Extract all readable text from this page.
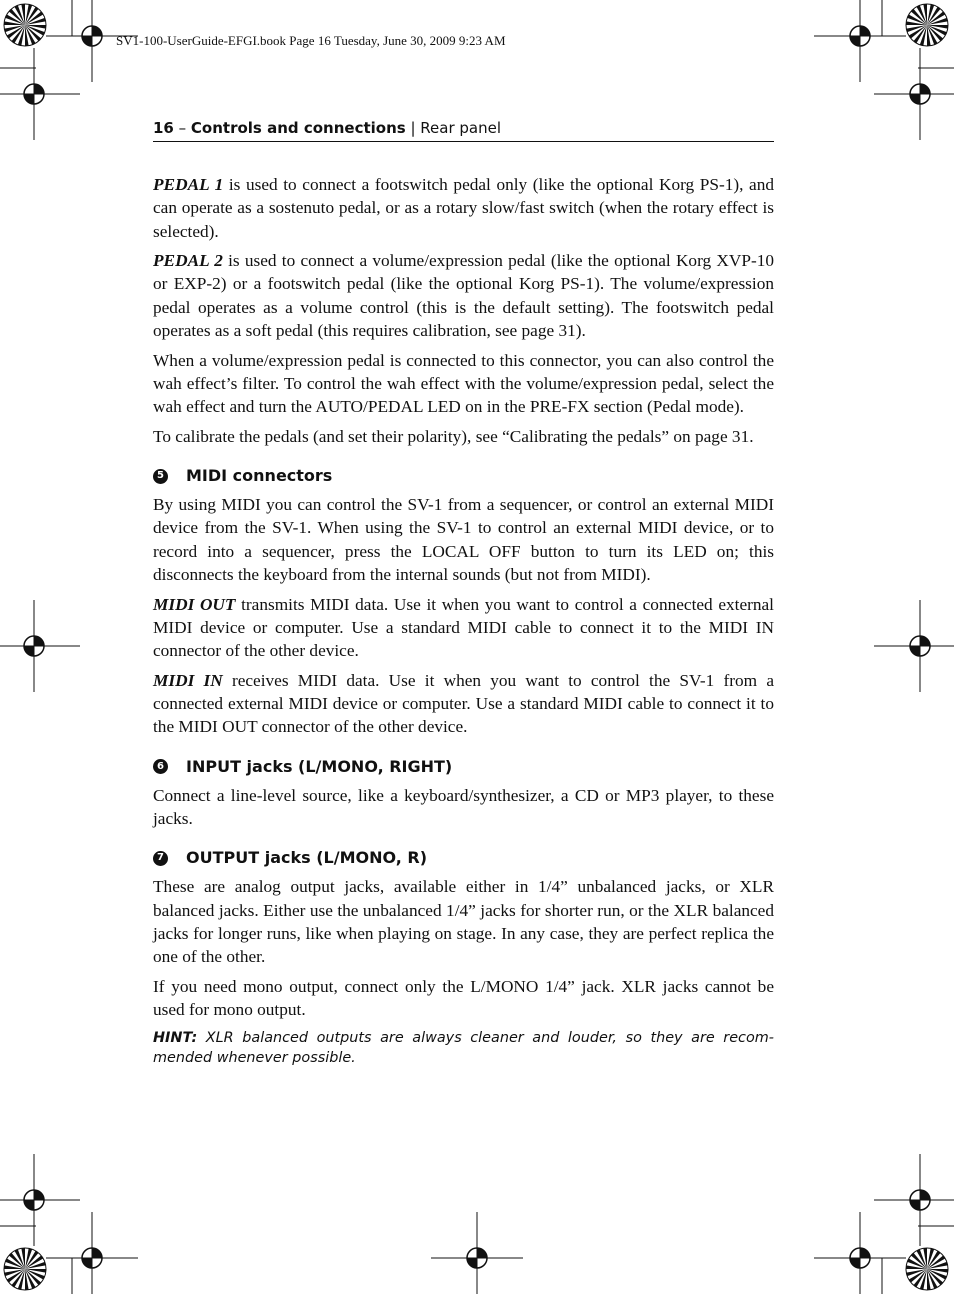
SV1-100-UserGuide-EFGI.book Page 16 Tuesday, June 30, 2009 9:23 AM
16 – Controls and connections | Rear panel

PEDAL 1 is used to connect a footswitch pedal only (like the optional Korg PS-1), and can operate as a sostenuto pedal, or as a rotary slow/fast switch (when the rotary effect is selected).

PEDAL 2 is used to connect a volume/expression pedal (like the optional Korg XVP-10 or EXP-2) or a footswitch pedal (like the optional Korg PS-1). The volume/expression pedal operates as a volume control (this is the default setting). The footswitch pedal operates as a soft pedal (this requires calibration, see page 31).

When a volume/expression pedal is connected to this connector, you can also control the wah effect’s filter. To control the wah effect with the volume/expression pedal, select the wah effect and turn the AUTO/PEDAL LED on in the PRE-FX section (Pedal mode).

To calibrate the pedals (and set their polarity), see “Calibrating the pedals” on page 31.

5 MIDI connectors

By using MIDI you can control the SV-1 from a sequencer, or control an external MIDI device from the SV-1. When using the SV-1 to control an external MIDI device, or to record into a sequencer, press the LOCAL OFF button to turn its LED on; this disconnects the keyboard from the internal sounds (but not from MIDI).

MIDI OUT transmits MIDI data. Use it when you want to control a connected external MIDI device or computer. Use a standard MIDI cable to connect it to the MIDI IN connector of the other device.

MIDI IN receives MIDI data. Use it when you want to control the SV-1 from a connected external MIDI device or computer. Use a standard MIDI cable to connect it to the MIDI OUT connector of the other device.

6 INPUT jacks (L/MONO, RIGHT)

Connect a line-level source, like a keyboard/synthesizer, a CD or MP3 player, to these jacks.

7 OUTPUT jacks (L/MONO, R)

These are analog output jacks, available either in 1/4” unbalanced jacks, or XLR balanced jacks. Either use the unbalanced 1/4” jacks for shorter run, or the XLR balanced jacks for longer runs, like when playing on stage. In any case, they are perfect replica the one of the other.

If you need mono output, connect only the L/MONO 1/4” jack. XLR jacks cannot be used for mono output.

HINT: XLR balanced outputs are always cleaner and louder, so they are recommended whenever possible.
